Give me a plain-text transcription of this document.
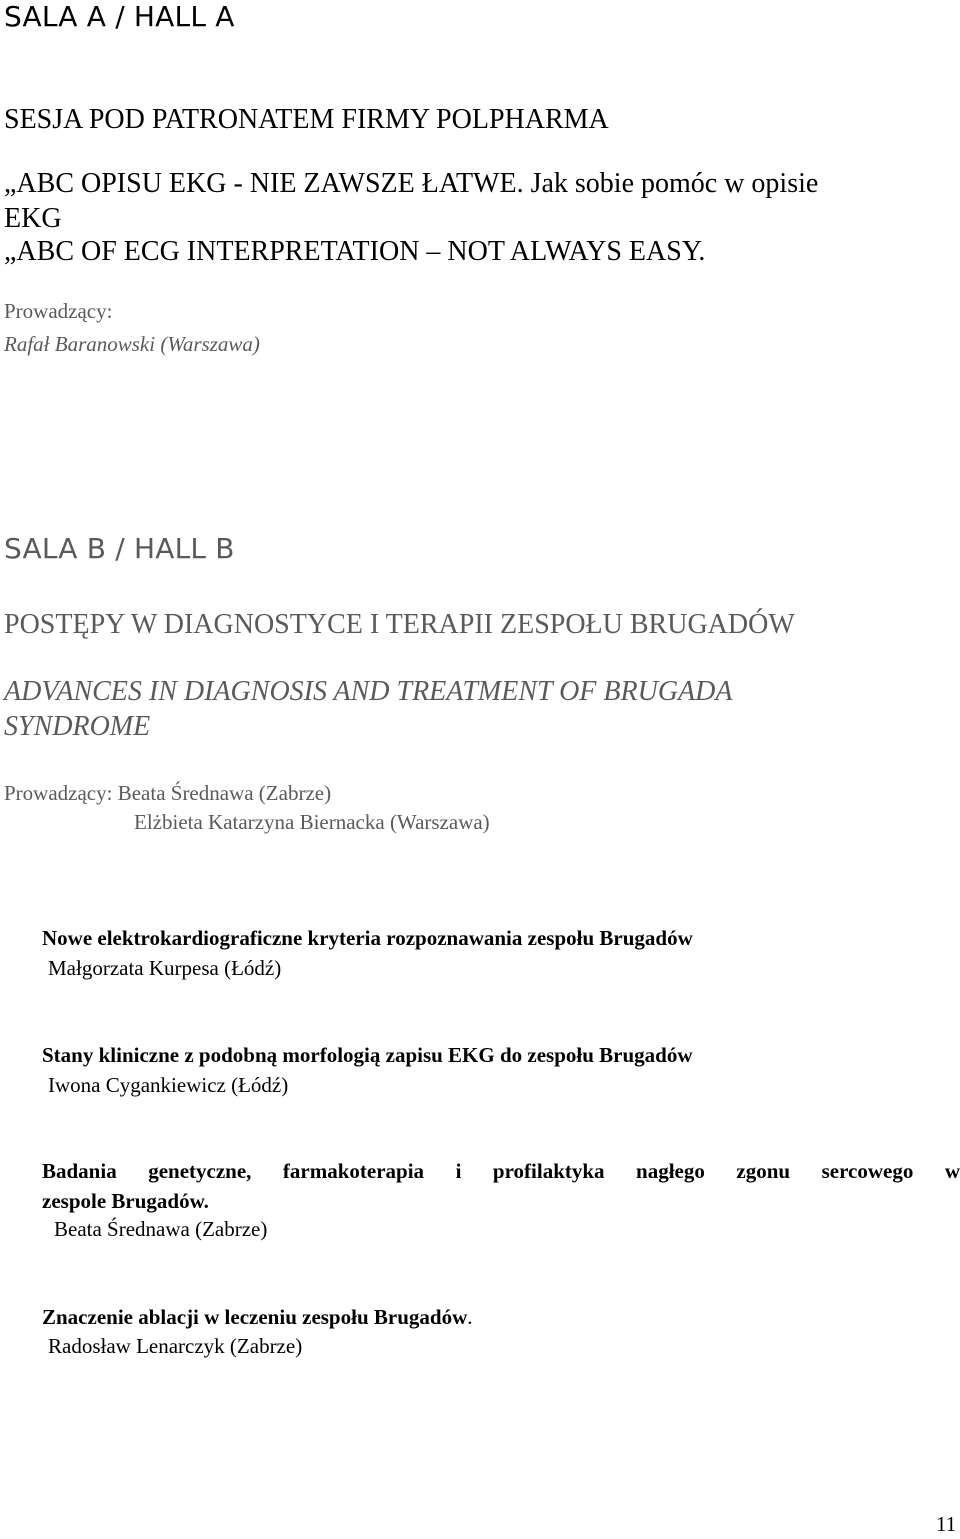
SALA A / HALL A
SESJA POD PATRONATEM FIRMY POLPHARMA
„ABC OPISU EKG - NIE ZAWSZE ŁATWE. Jak sobie pomóc w opisie
EKG
„ABC OF ECG INTERPRETATION – NOT ALWAYS EASY.
Prowadzący:
Rafał Baranowski (Warszawa)
SALA B / HALL B
POSTĘPY W DIAGNOSTYCE I TERAPII ZESPOŁU BRUGADÓW
ADVANCES IN DIAGNOSIS AND TREATMENT OF BRUGADA
SYNDROME
Prowadzący: Beata Średnawa (Zabrze)
Elżbieta Katarzyna Biernacka (Warszawa)
Nowe elektrokardiograficzne kryteria rozpoznawania zespołu Brugadów
Małgorzata Kurpesa (Łódź)
Stany kliniczne z podobną morfologią zapisu EKG do zespołu Brugadów
Iwona Cygankiewicz (Łódź)
Badania genetyczne, farmakoterapia i profilaktyka nagłego zgonu sercowego w
zespole Brugadów.
Beata Średnawa (Zabrze)
Znaczenie ablacji w leczeniu zespołu Brugadów.
Radosław Lenarczyk (Zabrze)
11
